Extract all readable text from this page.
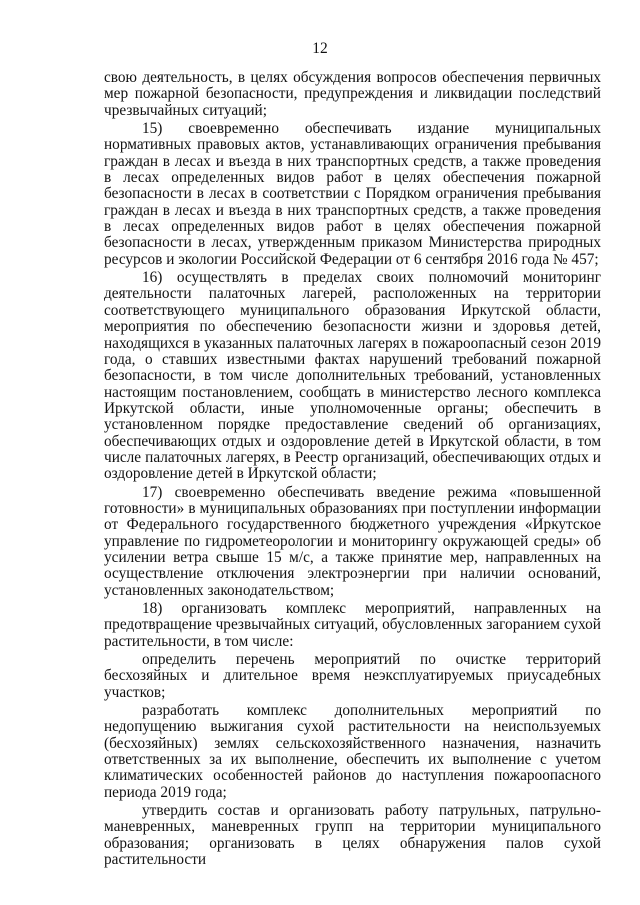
12

свою деятельность, в целях обсуждения вопросов обеспечения первичных мер пожарной безопасности, предупреждения и ликвидации последствий чрезвычайных ситуаций;

15) своевременно обеспечивать издание муниципальных нормативных правовых актов, устанавливающих ограничения пребывания граждан в лесах и въезда в них транспортных средств, а также проведения в лесах определенных видов работ в целях обеспечения пожарной безопасности в лесах в соответствии с Порядком ограничения пребывания граждан в лесах и въезда в них транспортных средств, а также проведения в лесах определенных видов работ в целях обеспечения пожарной безопасности в лесах, утвержденным приказом Министерства природных ресурсов и экологии Российской Федерации от 6 сентября 2016 года № 457;

16) осуществлять в пределах своих полномочий мониторинг деятельности палаточных лагерей, расположенных на территории соответствующего муниципального образования Иркутской области, мероприятия по обеспечению безопасности жизни и здоровья детей, находящихся в указанных палаточных лагерях в пожароопасный сезон 2019 года, о ставших известными фактах нарушений требований пожарной безопасности, в том числе дополнительных требований, установленных настоящим постановлением, сообщать в министерство лесного комплекса Иркутской области, иные уполномоченные органы; обеспечить в установленном порядке предоставление сведений об организациях, обеспечивающих отдых и оздоровление детей в Иркутской области, в том числе палаточных лагерях, в Реестр организаций, обеспечивающих отдых и оздоровление детей в Иркутской области;

17) своевременно обеспечивать введение режима «повышенной готовности» в муниципальных образованиях при поступлении информации от Федерального государственного бюджетного учреждения «Иркутское управление по гидрометеорологии и мониторингу окружающей среды» об усилении ветра свыше 15 м/с, а также принятие мер, направленных на осуществление отключения электроэнергии при наличии оснований, установленных законодательством;

18) организовать комплекс мероприятий, направленных на предотвращение чрезвычайных ситуаций, обусловленных загоранием сухой растительности, в том числе:

определить перечень мероприятий по очистке территорий бесхозяйных и длительное время неэксплуатируемых приусадебных участков;

разработать комплекс дополнительных мероприятий по недопущению выжигания сухой растительности на неиспользуемых (бесхозяйных) землях сельскохозяйственного назначения, назначить ответственных за их выполнение, обеспечить их выполнение с учетом климатических особенностей районов до наступления пожароопасного периода 2019 года;

утвердить состав и организовать работу патрульных, патрульно-маневренных, маневренных групп на территории муниципального образования; организовать в целях обнаружения палов сухой растительности
